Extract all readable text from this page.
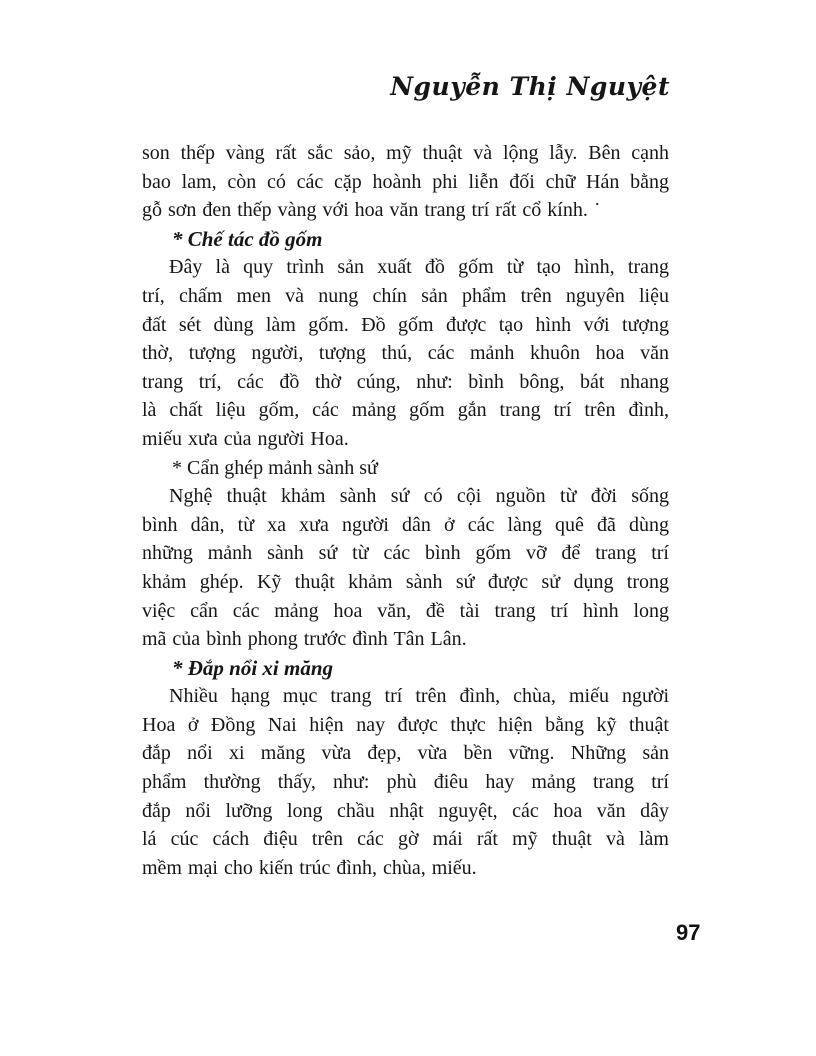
Nguyễn Thị Nguyệt
son thếp vàng rất sắc sảo, mỹ thuật và lộng lẫy. Bên cạnh
bao lam, còn có các cặp hoành phi liễn đối chữ Hán bằng
gỗ sơn đen thếp vàng với hoa văn trang trí rất cổ kính. ˙
* Chế tác đồ gốm
Đây là quy trình sản xuất đồ gốm từ tạo hình, trang
trí, chấm men và nung chín sản phẩm trên nguyên liệu
đất sét dùng làm gốm. Đồ gốm được tạo hình với tượng
thờ, tượng người, tượng thú, các mảnh khuôn hoa văn
trang trí, các đồ thờ cúng, như: bình bông, bát nhang
là chất liệu gốm, các mảng gốm gắn trang trí trên đình,
miếu xưa của người Hoa.
* Cẩn ghép mảnh sành sứ
Nghệ thuật khảm sành sứ có cội nguồn từ đời sống
bình dân, từ xa xưa người dân ở các làng quê đã dùng
những mảnh sành sứ từ các bình gốm vỡ để trang trí
khảm ghép. Kỹ thuật khảm sành sứ được sử dụng trong
việc cẩn các mảng hoa văn, đề tài trang trí hình long
mã của bình phong trước đình Tân Lân.
* Đắp nổi xi măng
Nhiều hạng mục trang trí trên đình, chùa, miếu người
Hoa ở Đồng Nai hiện nay được thực hiện bằng kỹ thuật
đắp nổi xi măng vừa đẹp, vừa bền vững. Những sản
phẩm thường thấy, như: phù điêu hay mảng trang trí
đắp nổi lưỡng long chầu nhật nguyệt, các hoa văn dây
lá cúc cách điệu trên các gờ mái rất mỹ thuật và làm
mềm mại cho kiến trúc đình, chùa, miếu.
97
